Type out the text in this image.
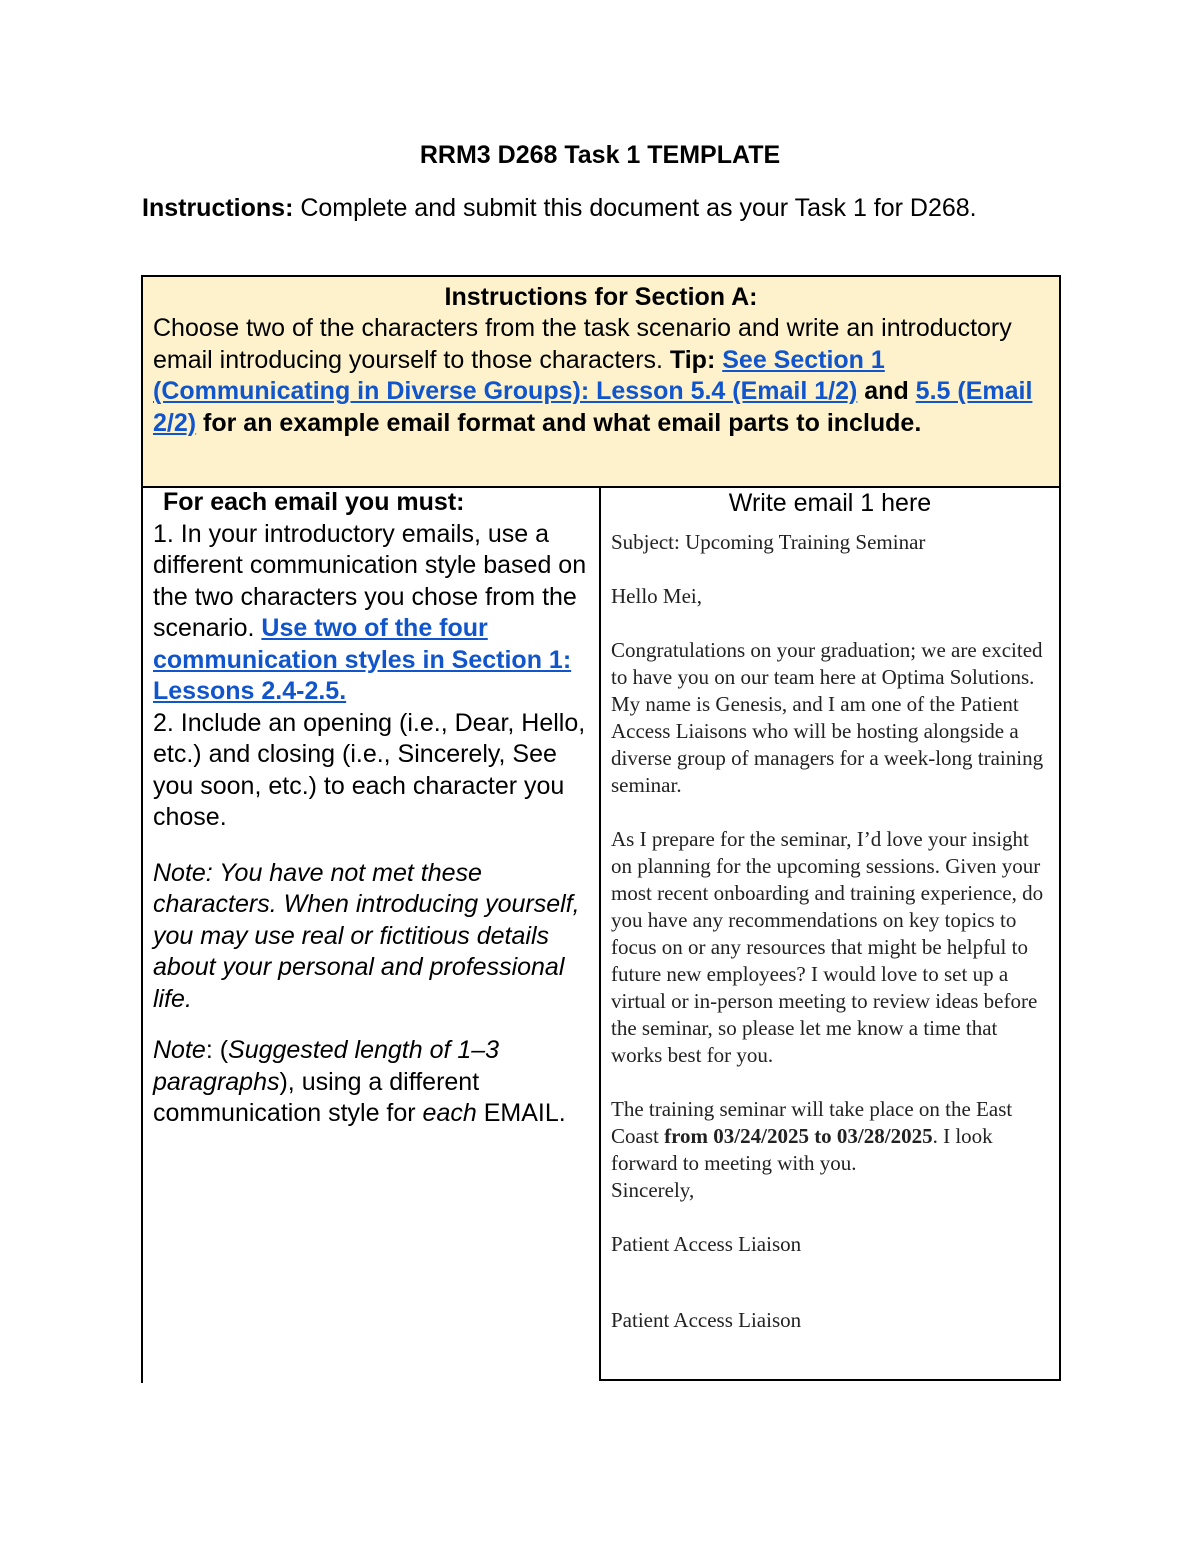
RRM3 D268 Task 1 TEMPLATE
Instructions: Complete and submit this document as your Task 1 for D268.
Instructions for Section A:
Choose two of the characters from the task scenario and write an introductory email introducing yourself to those characters. Tip: See Section 1 (Communicating in Diverse Groups): Lesson 5.4 (Email 1/2) and 5.5 (Email 2/2) for an example email format and what email parts to include.
For each email you must:
1. In your introductory emails, use a different communication style based on the two characters you chose from the scenario. Use two of the four communication styles in Section 1: Lessons 2.4-2.5.
2. Include an opening (i.e., Dear, Hello, etc.) and closing (i.e., Sincerely, See you soon, etc.) to each character you chose.
Note: You have not met these characters. When introducing yourself, you may use real or fictitious details about your personal and professional life.
Note: (Suggested length of 1–3 paragraphs), using a different communication style for each EMAIL.
Write email 1 here

Subject: Upcoming Training Seminar

Hello Mei,

Congratulations on your graduation; we are excited to have you on our team here at Optima Solutions. My name is Genesis, and I am one of the Patient Access Liaisons who will be hosting alongside a diverse group of managers for a week-long training seminar.

As I prepare for the seminar, I’d love your insight on planning for the upcoming sessions. Given your most recent onboarding and training experience, do you have any recommendations on key topics to focus on or any resources that might be helpful to future new employees? I would love to set up a virtual or in-person meeting to review ideas before the seminar, so please let me know a time that works best for you.

The training seminar will take place on the East Coast from 03/24/2025 to 03/28/2025. I look forward to meeting with you.

Sincerely,

Patient Access Liaison

Patient Access Liaison
